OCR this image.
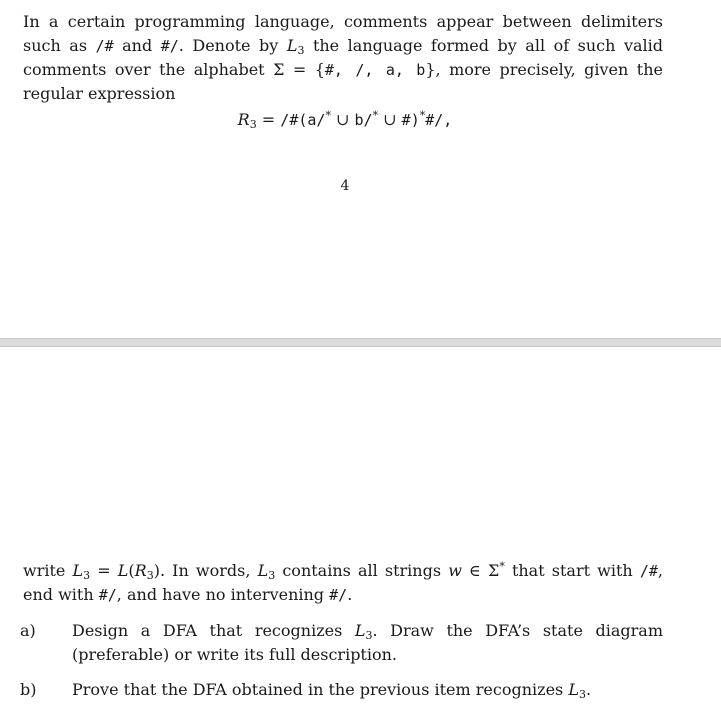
In a certain programming language, comments appear between delimiters such as /# and #/. Denote by $L_3$ the language formed by all of such valid comments over the alphabet Σ = {#, /, a, b}, more precisely, given the regular expression

$R_3$ = /#(a/* ∪ b/* ∪ #)*#/,
4

write $L_3 = L(R_3)$. In words, $L_3$ contains all strings w ∈ Σ* that start with /#, end with #/, and have no intervening #/.

a) Design a DFA that recognizes $L_3$. Draw the DFA’s state diagram (preferable) or write its full description.

b) Prove that the DFA obtained in the previous item recognizes $L_3$.
